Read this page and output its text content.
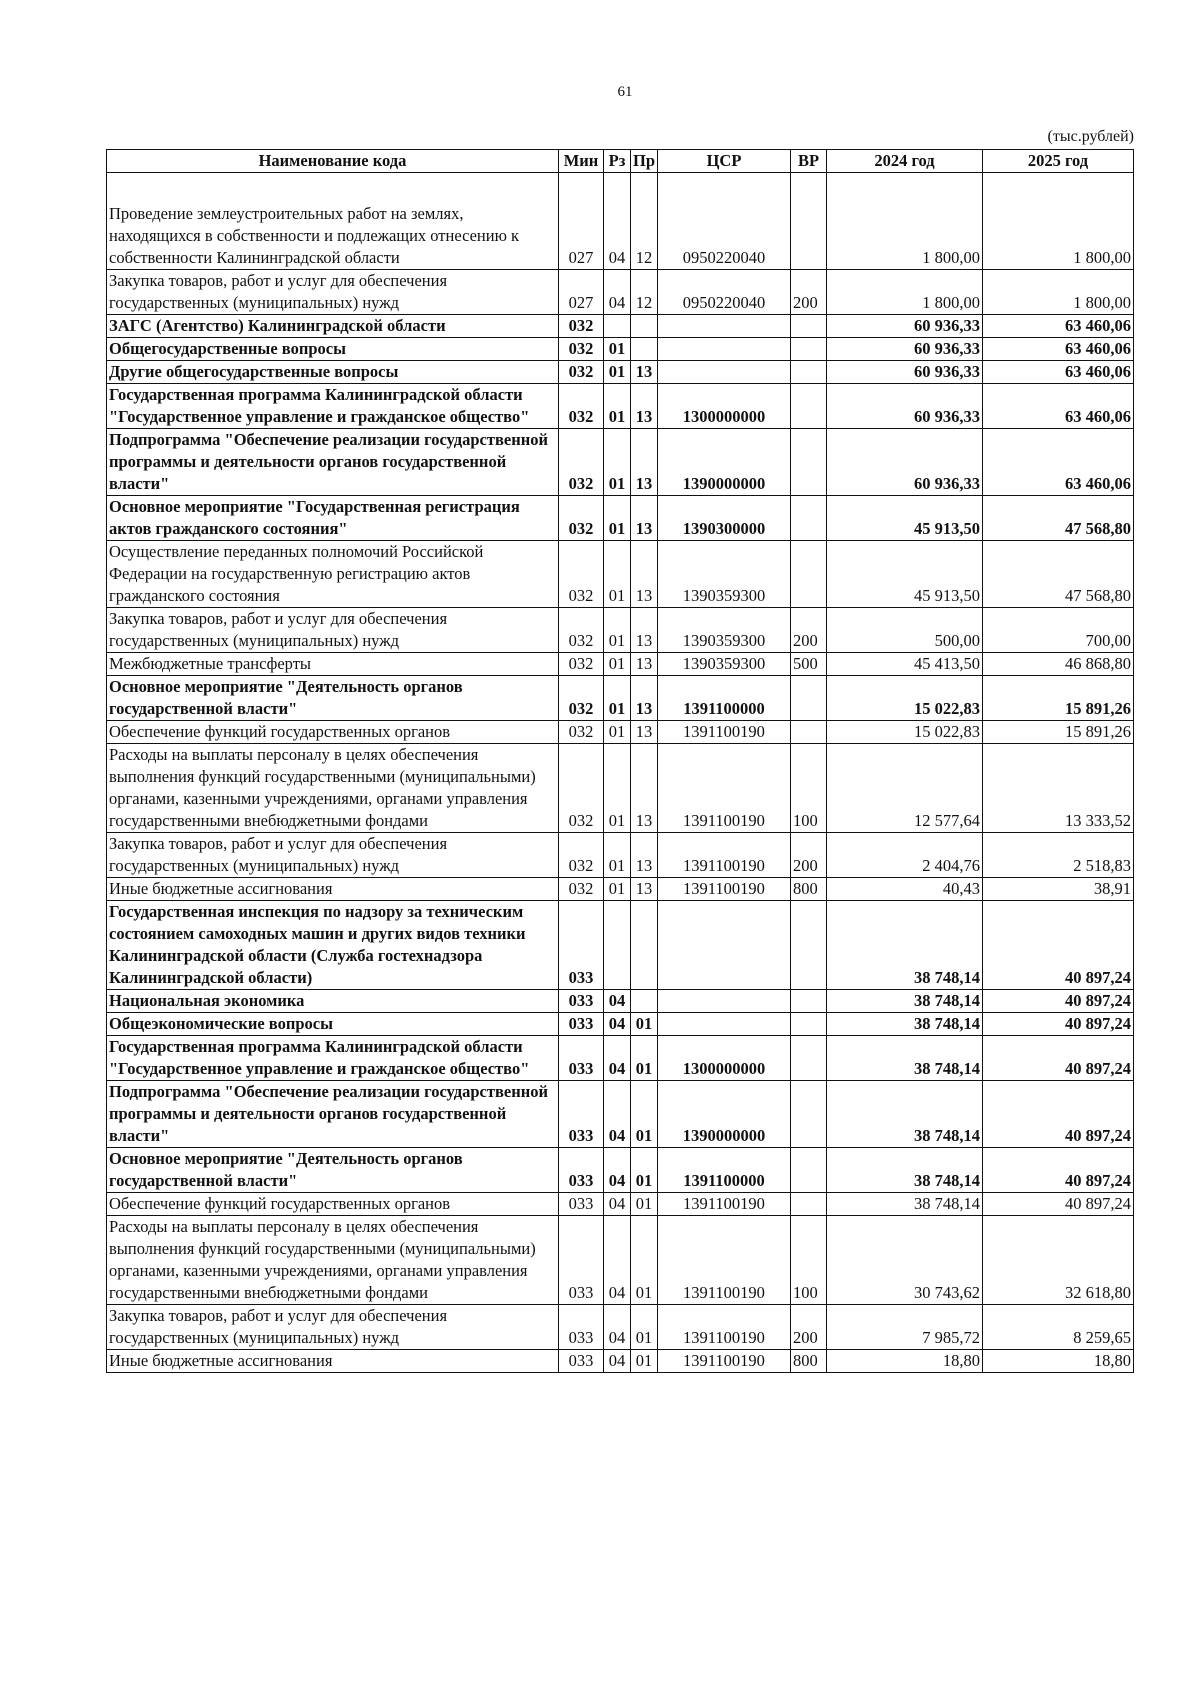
61
(тыс.рублей)
Наименование кода	Мин	Рз	Пр	ЦСР	ВР	2024 год	2025 год
Проведение землеустроительных работ на землях, находящихся в собственности и подлежащих отнесению к собственности Калининградской области	027	04	12	0950220040		1 800,00	1 800,00
Закупка товаров, работ и услуг для обеспечения государственных (муниципальных) нужд	027	04	12	0950220040	200	1 800,00	1 800,00
ЗАГС (Агентство) Калининградской области	032					60 936,33	63 460,06
Общегосударственные вопросы	032	01				60 936,33	63 460,06
Другие общегосударственные вопросы	032	01	13			60 936,33	63 460,06
Государственная программа Калининградской области "Государственное управление и гражданское общество"	032	01	13	1300000000		60 936,33	63 460,06
Подпрограмма "Обеспечение реализации государственной программы и деятельности органов государственной власти"	032	01	13	1390000000		60 936,33	63 460,06
Основное мероприятие "Государственная регистрация актов гражданского состояния"	032	01	13	1390300000		45 913,50	47 568,80
Осуществление переданных полномочий Российской Федерации на государственную регистрацию актов гражданского состояния	032	01	13	1390359300		45 913,50	47 568,80
Закупка товаров, работ и услуг для обеспечения государственных (муниципальных) нужд	032	01	13	1390359300	200	500,00	700,00
Межбюджетные трансферты	032	01	13	1390359300	500	45 413,50	46 868,80
Основное мероприятие "Деятельность органов государственной власти"	032	01	13	1391100000		15 022,83	15 891,26
Обеспечение функций государственных органов	032	01	13	1391100190		15 022,83	15 891,26
Расходы на выплаты персоналу в целях обеспечения выполнения функций государственными (муниципальными) органами, казенными учреждениями, органами управления государственными внебюджетными фондами	032	01	13	1391100190	100	12 577,64	13 333,52
Закупка товаров, работ и услуг для обеспечения государственных (муниципальных) нужд	032	01	13	1391100190	200	2 404,76	2 518,83
Иные бюджетные ассигнования	032	01	13	1391100190	800	40,43	38,91
Государственная инспекция по надзору за техническим состоянием самоходных машин и других видов техники Калининградской области (Служба гостехнадзора Калининградской области)	033					38 748,14	40 897,24
Национальная экономика	033	04				38 748,14	40 897,24
Общеэкономические вопросы	033	04	01			38 748,14	40 897,24
Государственная программа Калининградской области "Государственное управление и гражданское общество"	033	04	01	1300000000		38 748,14	40 897,24
Подпрограмма "Обеспечение реализации государственной программы и деятельности органов государственной власти"	033	04	01	1390000000		38 748,14	40 897,24
Основное мероприятие "Деятельность органов государственной власти"	033	04	01	1391100000		38 748,14	40 897,24
Обеспечение функций государственных органов	033	04	01	1391100190		38 748,14	40 897,24
Расходы на выплаты персоналу в целях обеспечения выполнения функций государственными (муниципальными) органами, казенными учреждениями, органами управления государственными внебюджетными фондами	033	04	01	1391100190	100	30 743,62	32 618,80
Закупка товаров, работ и услуг для обеспечения государственных (муниципальных) нужд	033	04	01	1391100190	200	7 985,72	8 259,65
Иные бюджетные ассигнования	033	04	01	1391100190	800	18,80	18,80
